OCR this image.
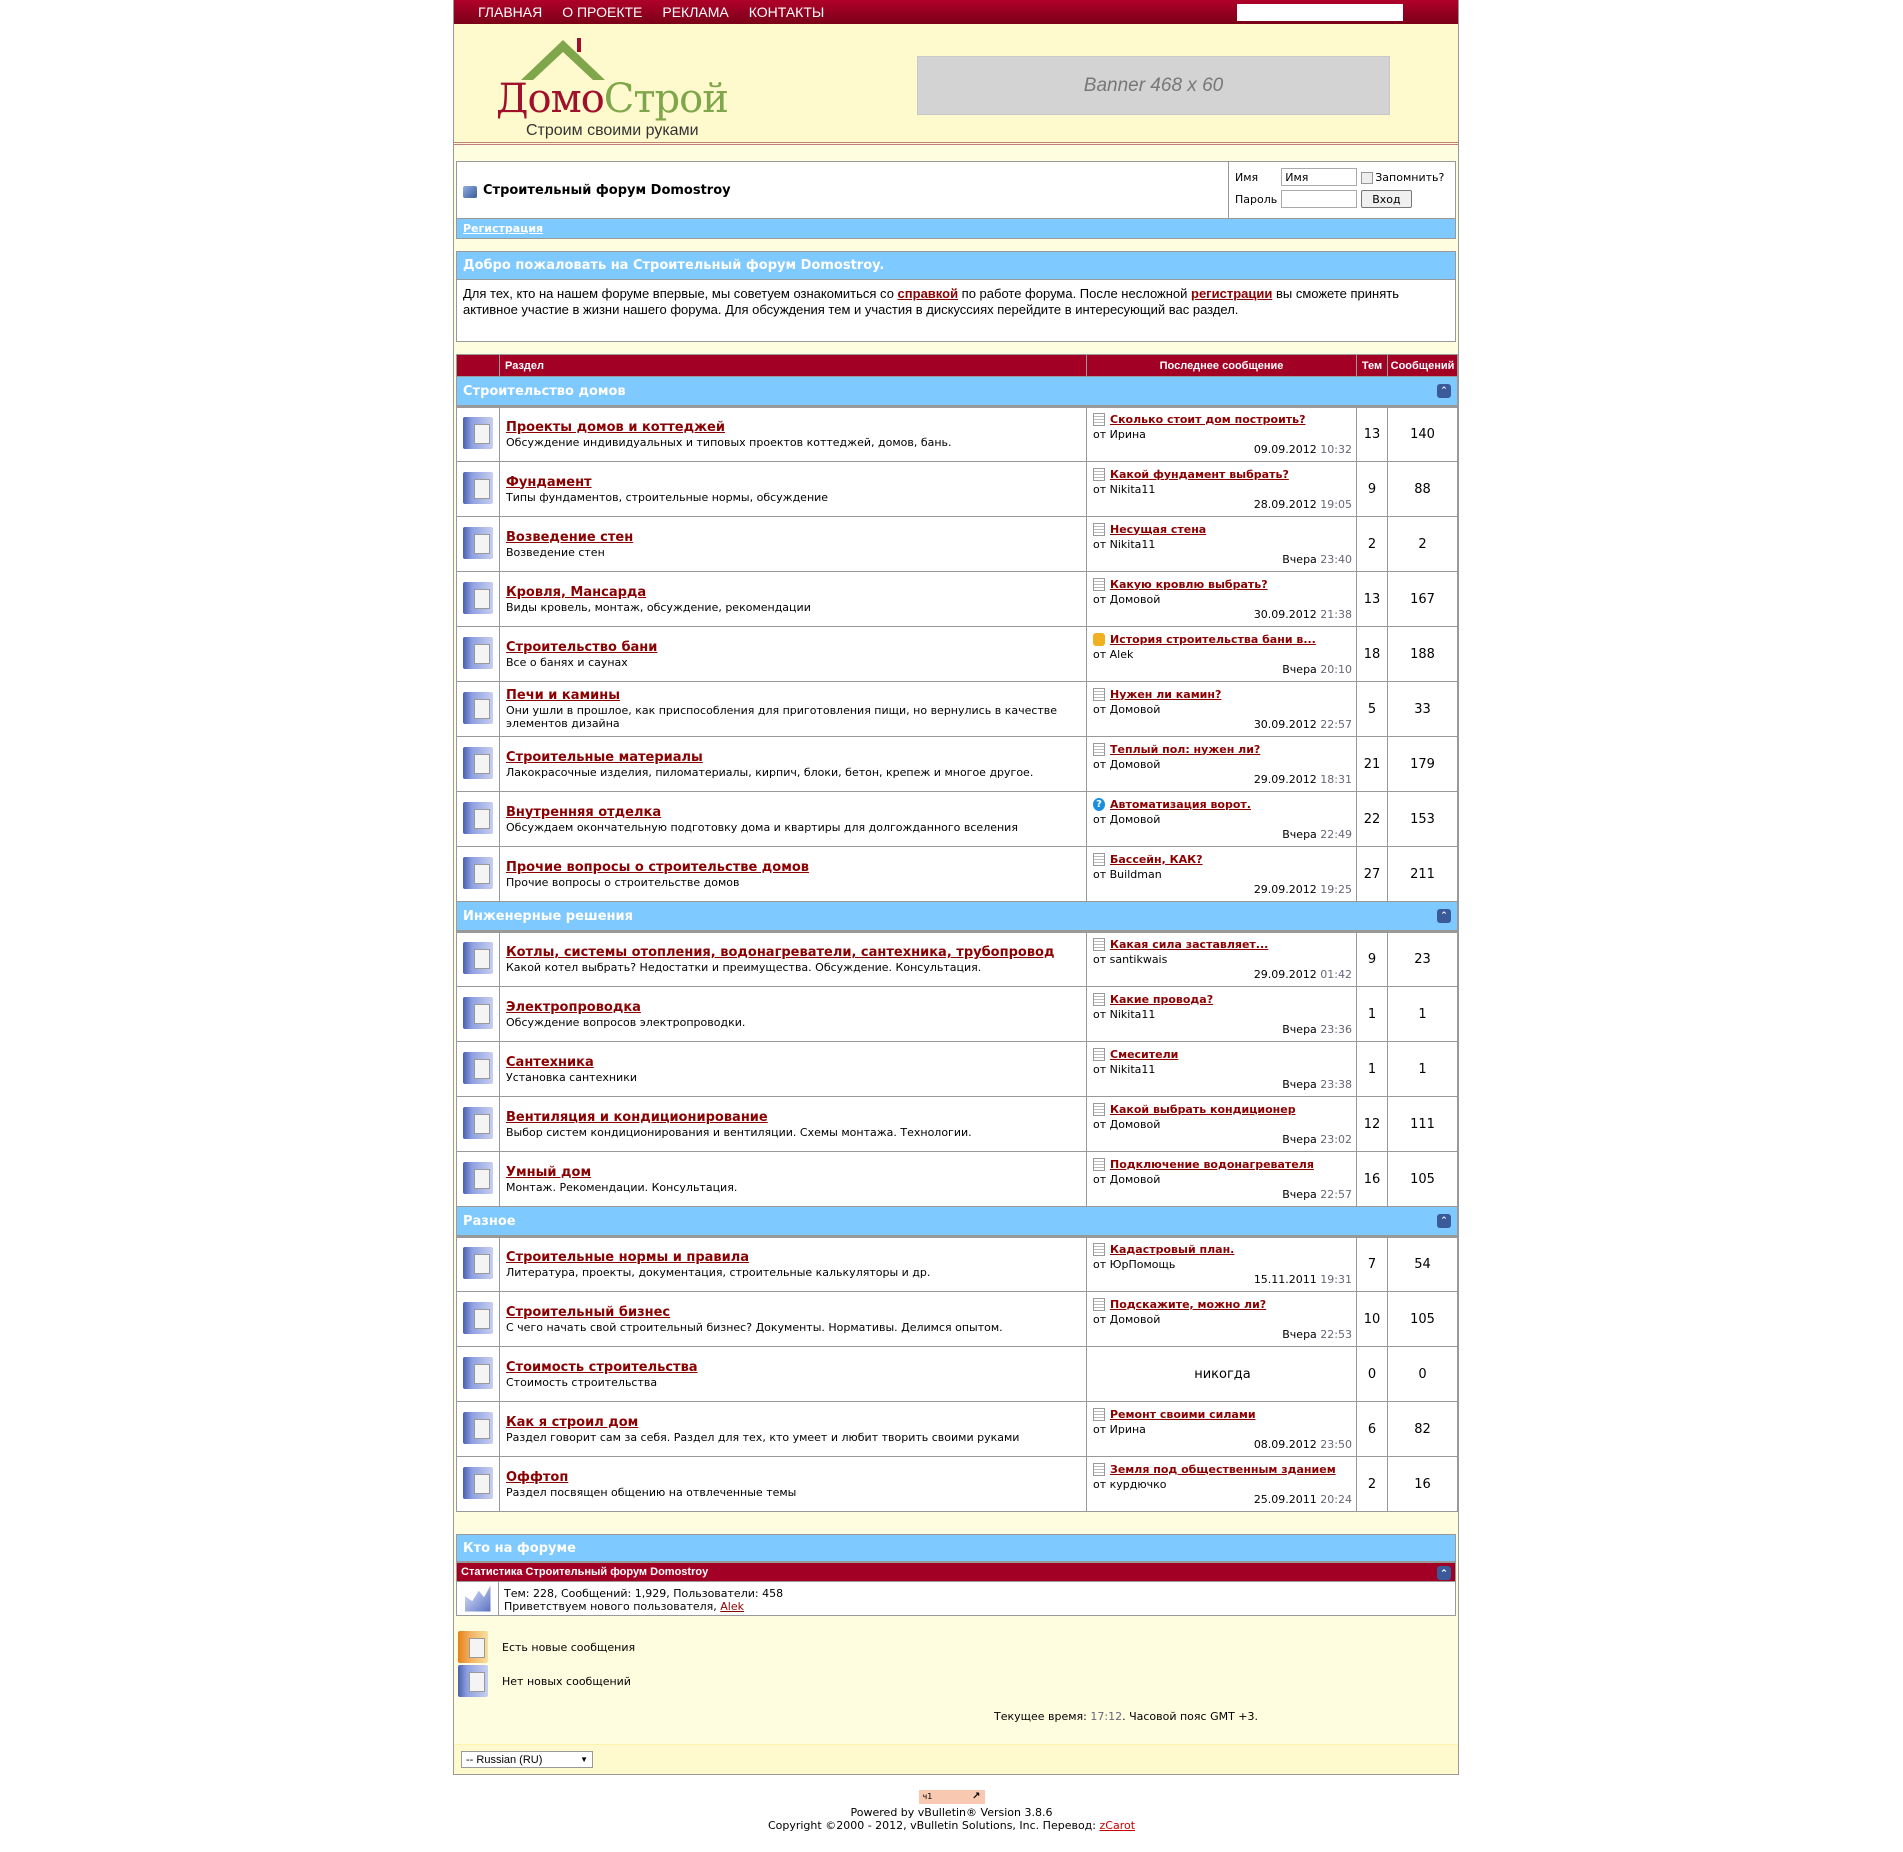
ГЛАВНАЯ О ПРОЕКТЕ РЕКЛАМА КОНТАКТЫ
ДомоСтрой
Строим своими руками
Banner 468 x 60
Строительный форум Domostroy
Имя	Имя	Запомнить?
Пароль		Вход
Регистрация
Добро пожаловать на Строительный форум Domostroy.
Для тех, кто на нашем форуме впервые, мы советуем ознакомиться со справкой по работе форума. После несложной регистрации вы сможете принять активное участие в жизни нашего форума. Для обсуждения тем и участия в дискуссиях перейдите в интересующий вас раздел.
	Раздел	Последнее сообщение	Тем	Сообщений
Строительство домов ⌃				

	Проекты домов и коттеджей
Обсуждение индивидуальных и типовых проектов коттеджей, домов, бань.

Сколько стоит дом построить?
от Ирина
09.09.2012 10:32
	13	140
	Фундамент
Типы фундаментов, строительные нормы, обсуждение

Какой фундамент выбрать?
от Nikita11
28.09.2012 19:05
	9	88
	Возведение стен
Возведение стен

Несущая стена
от Nikita11
Вчера 23:40
	2	2
	Кровля, Мансарда
Виды кровель, монтаж, обсуждение, рекомендации

Какую кровлю выбрать?
от Домовой
30.09.2012 21:38
	13	167
	Строительство бани
Все о банях и саунах

История строительства бани в...
от Alek
Вчера 20:10
	18	188
	Печи и камины
Они ушли в прошлое, как приспособления для приготовления пищи, но вернулись в качестве элементов дизайна

Нужен ли камин?
от Домовой
30.09.2012 22:57
	5	33
	Строительные материалы
Лакокрасочные изделия, пиломатериалы, кирпич, блоки, бетон, крепеж и многое другое.

Теплый пол: нужен ли?
от Домовой
29.09.2012 18:31
	21	179
	Внутренняя отделка
Обсуждаем окончательную подготовку дома и квартиры для долгожданного вселения

? Автоматизация ворот.
от Домовой
Вчера 22:49
	22	153
	Прочие вопросы о строительстве домов
Прочие вопросы о строительстве домов

Бассейн, КАК?
от Buildman
29.09.2012 19:25
	27	211
Инженерные решения ⌃				

	Котлы, системы отопления, водонагреватели, сантехника, трубопровод
Какой котел выбрать? Недостатки и преимущества. Обсуждение. Консультация.

Какая сила заставляет...
от santikwais
29.09.2012 01:42
	9	23
	Электропроводка
Обсуждение вопросов электропроводки.

Какие провода?
от Nikita11
Вчера 23:36
	1	1
	Сантехника
Установка сантехники

Смесители
от Nikita11
Вчера 23:38
	1	1
	Вентиляция и кондиционирование
Выбор систем кондиционирования и вентиляции. Схемы монтажа. Технологии.

Какой выбрать кондиционер
от Домовой
Вчера 23:02
	12	111
	Умный дом
Монтаж. Рекомендации. Консультация.

Подключение водонагревателя
от Домовой
Вчера 22:57
	16	105
Разное ⌃				

	Строительные нормы и правила
Литература, проекты, документация, строительные калькуляторы и др.

Кадастровый план.
от ЮрПомощь
15.11.2011 19:31
	7	54
	Строительный бизнес
С чего начать свой строительный бизнес? Документы. Нормативы. Делимся опытом.

Подскажите, можно ли?
от Домовой
Вчера 22:53
	10	105
	Стоимость строительства
Стоимость строительства	никогда	0	0
	Как я строил дом
Раздел говорит сам за себя. Раздел для тех, кто умеет и любит творить своими руками

Ремонт своими силами
от Ирина
08.09.2012 23:50
	6	82
	Оффтоп
Раздел посвящен общению на отвлеченные темы

Земля под общественным зданием
от курдючко
25.09.2011 20:24
	2	16
Кто на форуме
Статистика Строительный форум Domostroy	⌃
Тем: 228, Сообщений: 1,929, Пользователи: 458
Приветствуем нового пользователя, Alek
Есть новые сообщения
Нет новых сообщений
Текущее время: 17:12. Часовой пояс GMT +3.
-- Russian (RU)	▼
ч1	↗
Powered by vBulletin® Version 3.8.6
Copyright ©2000 - 2012, vBulletin Solutions, Inc. Перевод: zCarot
